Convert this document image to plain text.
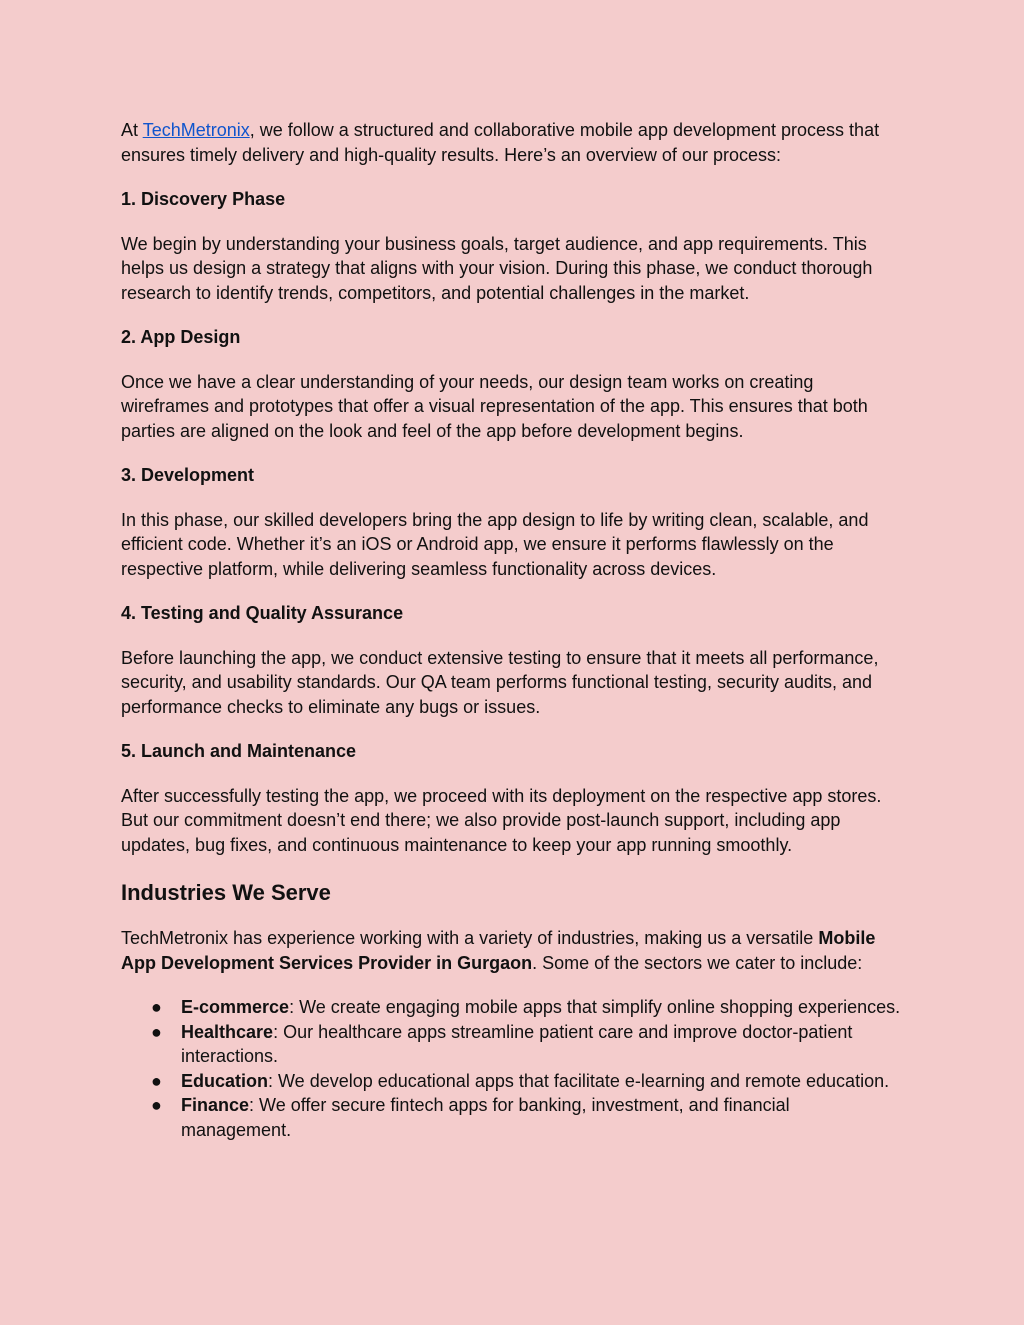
At TechMetronix, we follow a structured and collaborative mobile app development process that ensures timely delivery and high-quality results. Here’s an overview of our process:

1. Discovery Phase

We begin by understanding your business goals, target audience, and app requirements. This helps us design a strategy that aligns with your vision. During this phase, we conduct thorough research to identify trends, competitors, and potential challenges in the market.

2. App Design

Once we have a clear understanding of your needs, our design team works on creating wireframes and prototypes that offer a visual representation of the app. This ensures that both parties are aligned on the look and feel of the app before development begins.

3. Development

In this phase, our skilled developers bring the app design to life by writing clean, scalable, and efficient code. Whether it’s an iOS or Android app, we ensure it performs flawlessly on the respective platform, while delivering seamless functionality across devices.

4. Testing and Quality Assurance

Before launching the app, we conduct extensive testing to ensure that it meets all performance, security, and usability standards. Our QA team performs functional testing, security audits, and performance checks to eliminate any bugs or issues.

5. Launch and Maintenance

After successfully testing the app, we proceed with its deployment on the respective app stores. But our commitment doesn’t end there; we also provide post-launch support, including app updates, bug fixes, and continuous maintenance to keep your app running smoothly.

Industries We Serve

TechMetronix has experience working with a variety of industries, making us a versatile Mobile App Development Services Provider in Gurgaon. Some of the sectors we cater to include:

● E-commerce: We create engaging mobile apps that simplify online shopping experiences.
● Healthcare: Our healthcare apps streamline patient care and improve doctor-patient interactions.
● Education: We develop educational apps that facilitate e-learning and remote education.
● Finance: We offer secure fintech apps for banking, investment, and financial management.
